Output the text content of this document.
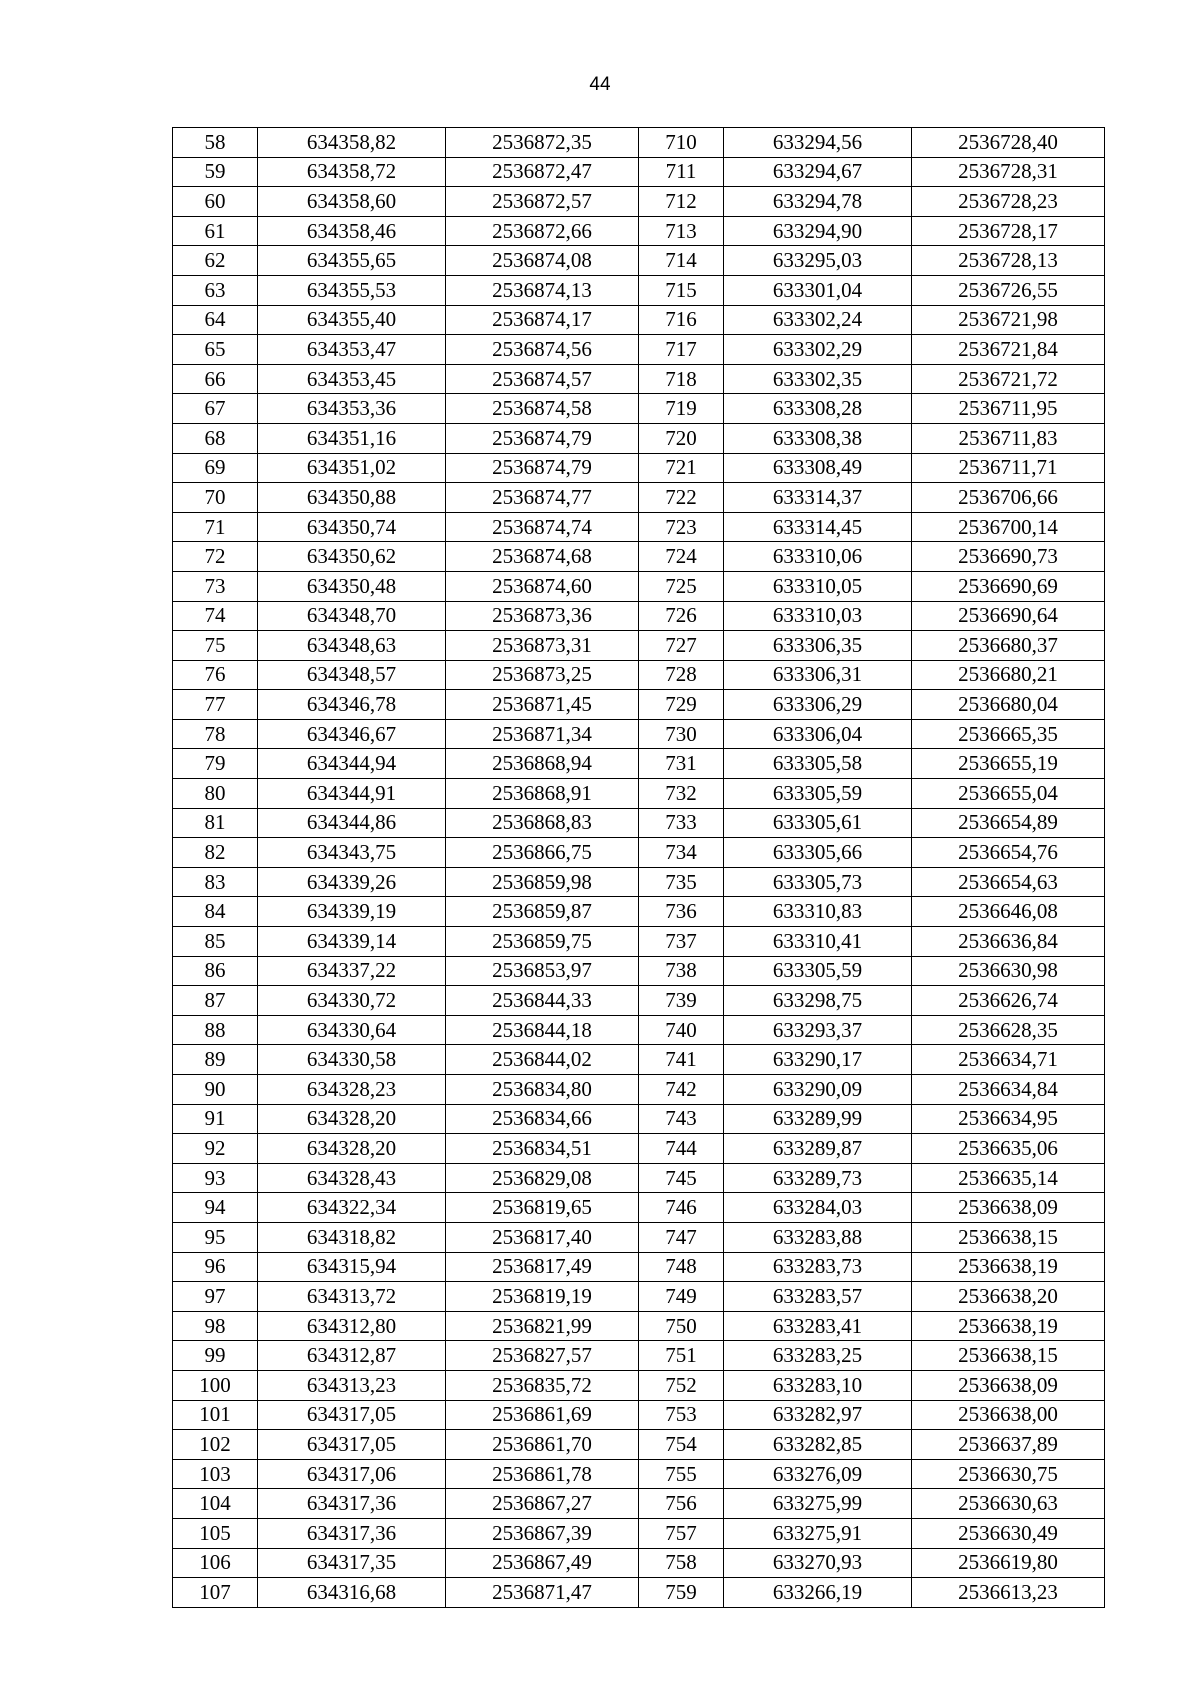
44
58	634358,82	2536872,35	710	633294,56	2536728,40
59	634358,72	2536872,47	711	633294,67	2536728,31
60	634358,60	2536872,57	712	633294,78	2536728,23
61	634358,46	2536872,66	713	633294,90	2536728,17
62	634355,65	2536874,08	714	633295,03	2536728,13
63	634355,53	2536874,13	715	633301,04	2536726,55
64	634355,40	2536874,17	716	633302,24	2536721,98
65	634353,47	2536874,56	717	633302,29	2536721,84
66	634353,45	2536874,57	718	633302,35	2536721,72
67	634353,36	2536874,58	719	633308,28	2536711,95
68	634351,16	2536874,79	720	633308,38	2536711,83
69	634351,02	2536874,79	721	633308,49	2536711,71
70	634350,88	2536874,77	722	633314,37	2536706,66
71	634350,74	2536874,74	723	633314,45	2536700,14
72	634350,62	2536874,68	724	633310,06	2536690,73
73	634350,48	2536874,60	725	633310,05	2536690,69
74	634348,70	2536873,36	726	633310,03	2536690,64
75	634348,63	2536873,31	727	633306,35	2536680,37
76	634348,57	2536873,25	728	633306,31	2536680,21
77	634346,78	2536871,45	729	633306,29	2536680,04
78	634346,67	2536871,34	730	633306,04	2536665,35
79	634344,94	2536868,94	731	633305,58	2536655,19
80	634344,91	2536868,91	732	633305,59	2536655,04
81	634344,86	2536868,83	733	633305,61	2536654,89
82	634343,75	2536866,75	734	633305,66	2536654,76
83	634339,26	2536859,98	735	633305,73	2536654,63
84	634339,19	2536859,87	736	633310,83	2536646,08
85	634339,14	2536859,75	737	633310,41	2536636,84
86	634337,22	2536853,97	738	633305,59	2536630,98
87	634330,72	2536844,33	739	633298,75	2536626,74
88	634330,64	2536844,18	740	633293,37	2536628,35
89	634330,58	2536844,02	741	633290,17	2536634,71
90	634328,23	2536834,80	742	633290,09	2536634,84
91	634328,20	2536834,66	743	633289,99	2536634,95
92	634328,20	2536834,51	744	633289,87	2536635,06
93	634328,43	2536829,08	745	633289,73	2536635,14
94	634322,34	2536819,65	746	633284,03	2536638,09
95	634318,82	2536817,40	747	633283,88	2536638,15
96	634315,94	2536817,49	748	633283,73	2536638,19
97	634313,72	2536819,19	749	633283,57	2536638,20
98	634312,80	2536821,99	750	633283,41	2536638,19
99	634312,87	2536827,57	751	633283,25	2536638,15
100	634313,23	2536835,72	752	633283,10	2536638,09
101	634317,05	2536861,69	753	633282,97	2536638,00
102	634317,05	2536861,70	754	633282,85	2536637,89
103	634317,06	2536861,78	755	633276,09	2536630,75
104	634317,36	2536867,27	756	633275,99	2536630,63
105	634317,36	2536867,39	757	633275,91	2536630,49
106	634317,35	2536867,49	758	633270,93	2536619,80
107	634316,68	2536871,47	759	633266,19	2536613,23
